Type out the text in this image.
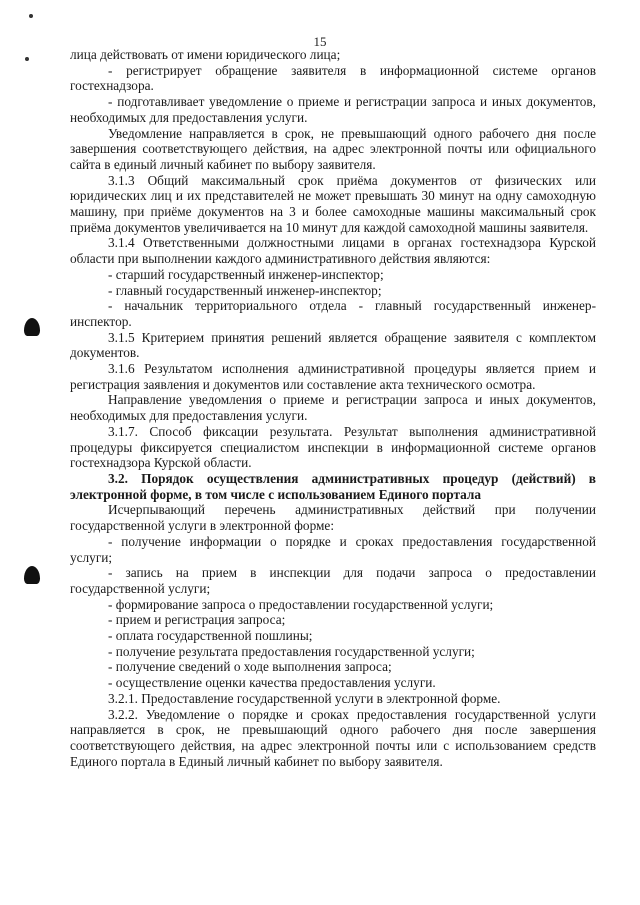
15

лица действовать от имени юридического лица;

- регистрирует обращение заявителя в информационной системе органов гостехнадзора.

- подготавливает уведомление о приеме и регистрации запроса и иных документов, необходимых для предоставления услуги.

Уведомление направляется в срок, не превышающий одного рабочего дня после завершения соответствующего действия, на адрес электронной почты или официального сайта в единый личный кабинет по выбору заявителя.

3.1.3 Общий максимальный срок приёма документов от физических или юридических лиц и их представителей не может превышать 30 минут на одну самоходную машину, при приёме документов на 3 и более самоходные машины максимальный срок приёма документов увеличивается на 10 минут для каждой самоходной машины заявителя.

3.1.4 Ответственными должностными лицами в органах гостехнадзора Курской области при выполнении каждого административного действия являются:

- старший государственный инженер-инспектор;

- главный государственный инженер-инспектор;

- начальник территориального отдела - главный государственный инженер-инспектор.

3.1.5 Критерием принятия решений является обращение заявителя с комплектом документов.

3.1.6 Результатом исполнения административной процедуры является прием и регистрация заявления и документов или составление акта технического осмотра.

Направление уведомления о приеме и регистрации запроса и иных документов, необходимых для предоставления услуги.

3.1.7. Способ фиксации результата. Результат выполнения административной процедуры фиксируется специалистом инспекции в информационной системе органов гостехнадзора Курской области.

3.2. Порядок осуществления административных процедур (действий) в электронной форме, в том числе с использованием Единого портала

Исчерпывающий перечень административных действий при получении государственной услуги в электронной форме:

- получение информации о порядке и сроках предоставления государственной услуги;

- запись на прием в инспекции для подачи запроса о предоставлении государственной услуги;

- формирование запроса о предоставлении государственной услуги;

- прием и регистрация запроса;

- оплата государственной пошлины;

- получение результата предоставления государственной услуги;

- получение сведений о ходе выполнения запроса;

- осуществление оценки качества предоставления услуги.

3.2.1. Предоставление государственной услуги в электронной форме.

3.2.2. Уведомление о порядке и сроках предоставления государственной услуги направляется в срок, не превышающий одного рабочего дня после завершения соответствующего действия, на адрес электронной почты или с использованием средств Единого портала в Единый личный кабинет по выбору заявителя.
